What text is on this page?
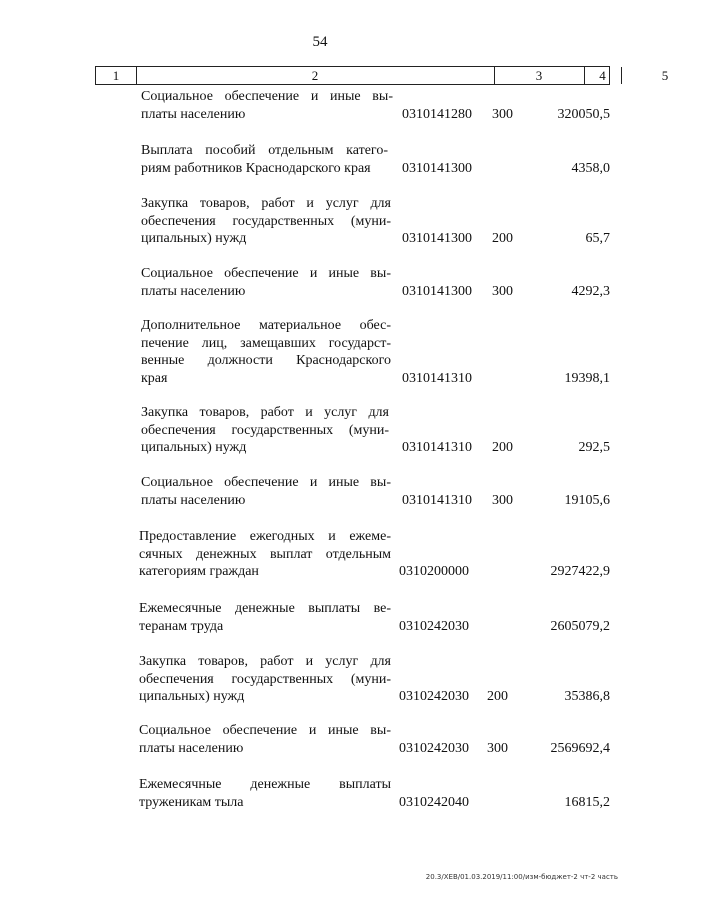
54
1	2	3	4	5
Социальное обеспечение и иные вы-
платы населению	0310141280 300	320050,5
Выплата пособий отдельным катего-
риям работников Краснодарского края	0310141300	4358,0
Закупка товаров, работ и услуг для
обеспечения государственных (муни-
ципальных) нужд	0310141300 200	65,7
Социальное обеспечение и иные вы-
платы населению	0310141300 300	4292,3
Дополнительное материальное обес-
печение лиц, замещавших государст-
венные должности Краснодарского
края	0310141310	19398,1
Закупка товаров, работ и услуг для
обеспечения государственных (муни-
ципальных) нужд	0310141310 200	292,5
Социальное обеспечение и иные вы-
платы населению	0310141310 300	19105,6
Предоставление ежегодных и ежеме-
сячных денежных выплат отдельным
категориям граждан	0310200000	2927422,9
Ежемесячные денежные выплаты ве-
теранам труда	0310242030	2605079,2
Закупка товаров, работ и услуг для
обеспечения государственных (муни-
ципальных) нужд	0310242030 200	35386,8
Социальное обеспечение и иные вы-
платы населению	0310242030 300	2569692,4
Ежемесячные денежные выплаты
труженикам тыла	0310242040	16815,2
20.3/ХЕВ/01.03.2019/11:00/изм-бюджет-2 чт-2 часть
